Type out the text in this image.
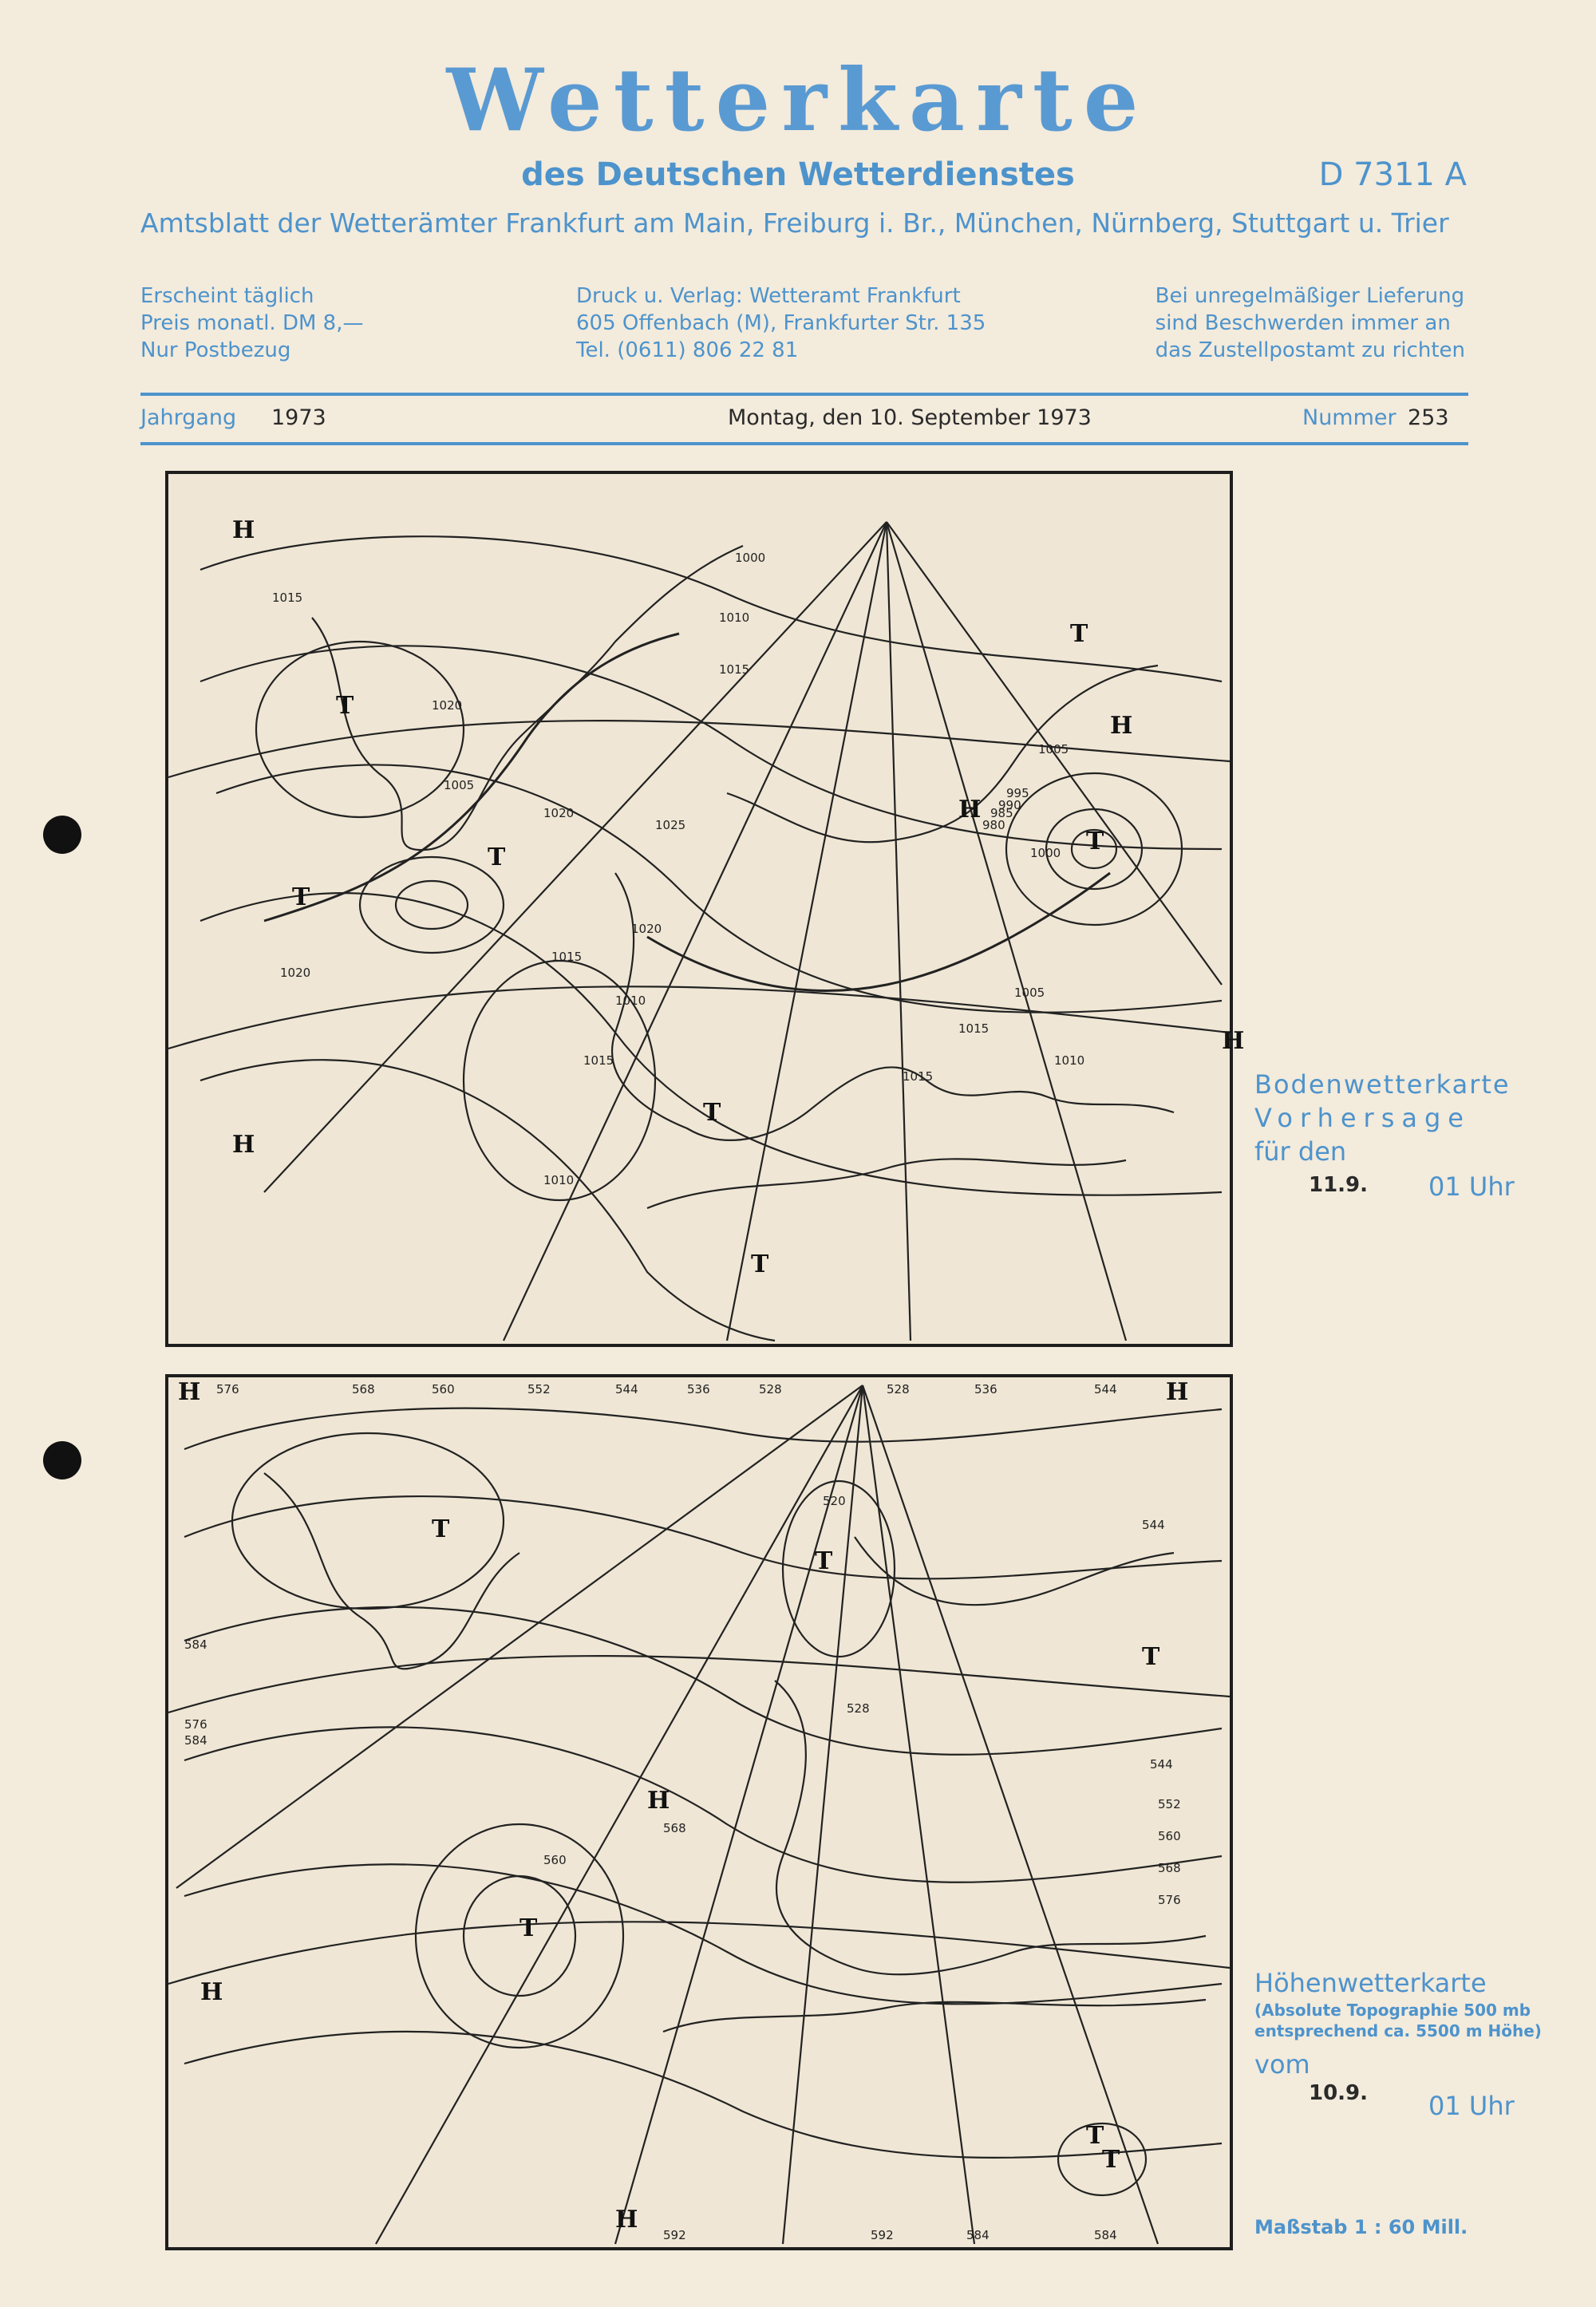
Wetterkarte
des Deutschen Wetterdienstes	D 7311 A
Amtsblatt der Wetterämter Frankfurt am Main, Freiburg i. Br., München, Nürnberg, Stuttgart u. Trier
Erscheint täglich
Preis monatl. DM 8,—
Nur Postbezug
Druck u. Verlag: Wetteramt Frankfurt
605 Offenbach (M), Frankfurter Str. 135
Tel. (0611) 806 22 81
Bei unregelmäßiger Lieferung
sind Beschwerden immer an
das Zustellpostamt zu richten
Jahrgang 1973	Montag, den 10. September 1973	Nummer 253
1000
1010
1015
1020
1005
1025
1020
1010
1015
1020
1015
1010
1005
1000
995
990
985
980
1005
1015
1015
1010
1015
1020
H
T
T
T
H
H
T
H
T
H
T
T
Bodenwetterkarte
Vorhersage
für den
11.9. 01 Uhr
576	568	560	552	544	536	528	528	536	544
544
520
528
544
552
560
568
576
584
576
568
560
584
592	592	584	584
H	H
T
T
T
H
T
H
T
H
T
Höhenwetterkarte
(Absolute Topographie 500 mb
entsprechend ca. 5500 m Höhe)
vom
10.9. 01 Uhr
Maßstab 1 : 60 Mill.
